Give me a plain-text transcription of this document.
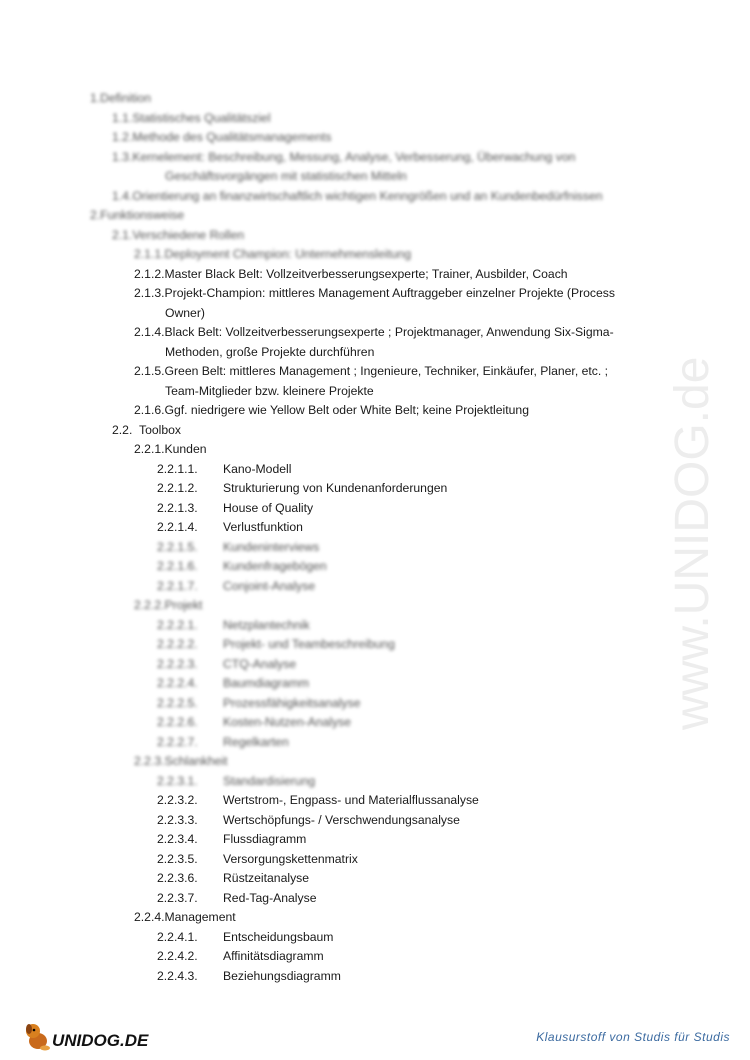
1.Definition
1.1.Statistisches Qualitätsziel
1.2.Methode des Qualitätsmanagements
1.3.Kernelement: Beschreibung, Messung, Analyse, Verbesserung, Überwachung von
Geschäftsvorgängen mit statistischen Mitteln
1.4.Orientierung an finanzwirtschaftlich wichtigen Kenngrößen und an Kundenbedürfnissen
2.Funktionsweise
2.1.Verschiedene Rollen
2.1.1.Deployment Champion: Unternehmensleitung
2.1.2.Master Black Belt: Vollzeitverbesserungsexperte; Trainer, Ausbilder, Coach
2.1.3.Projekt-Champion: mittleres Management Auftraggeber einzelner Projekte (Process
Owner)
2.1.4.Black Belt: Vollzeitverbesserungsexperte ; Projektmanager, Anwendung Six-Sigma-
Methoden, große Projekte durchführen
2.1.5.Green Belt: mittleres Management ; Ingenieure, Techniker, Einkäufer, Planer, etc. ;
Team-Mitglieder bzw. kleinere Projekte
2.1.6.Ggf. niedrigere wie Yellow Belt oder White Belt; keine Projektleitung
2.2. Toolbox
2.2.1.Kunden
2.2.1.1. Kano-Modell
2.2.1.2. Strukturierung von Kundenanforderungen
2.2.1.3. House of Quality
2.2.1.4. Verlustfunktion
2.2.1.5. Kundeninterviews
2.2.1.6. Kundenfragebögen
2.2.1.7. Conjoint-Analyse
2.2.2.Projekt
2.2.2.1. Netzplantechnik
2.2.2.2. Projekt- und Teambeschreibung
2.2.2.3. CTQ-Analyse
2.2.2.4. Baumdiagramm
2.2.2.5. Prozessfähigkeitsanalyse
2.2.2.6. Kosten-Nutzen-Analyse
2.2.2.7. Regelkarten
2.2.3.Schlankheit
2.2.3.1. Standardisierung
2.2.3.2. Wertstrom-, Engpass- und Materialflussanalyse
2.2.3.3. Wertschöpfungs- / Verschwendungsanalyse
2.2.3.4. Flussdiagramm
2.2.3.5. Versorgungskettenmatrix
2.2.3.6. Rüstzeitanalyse
2.2.3.7. Red-Tag-Analyse
2.2.4.Management
2.2.4.1. Entscheidungsbaum
2.2.4.2. Affinitätsdiagramm
2.2.4.3. Beziehungsdiagramm
www.UNIDOG.de
UNIDOG.DE	Klausurstoff von Studis für Studis
